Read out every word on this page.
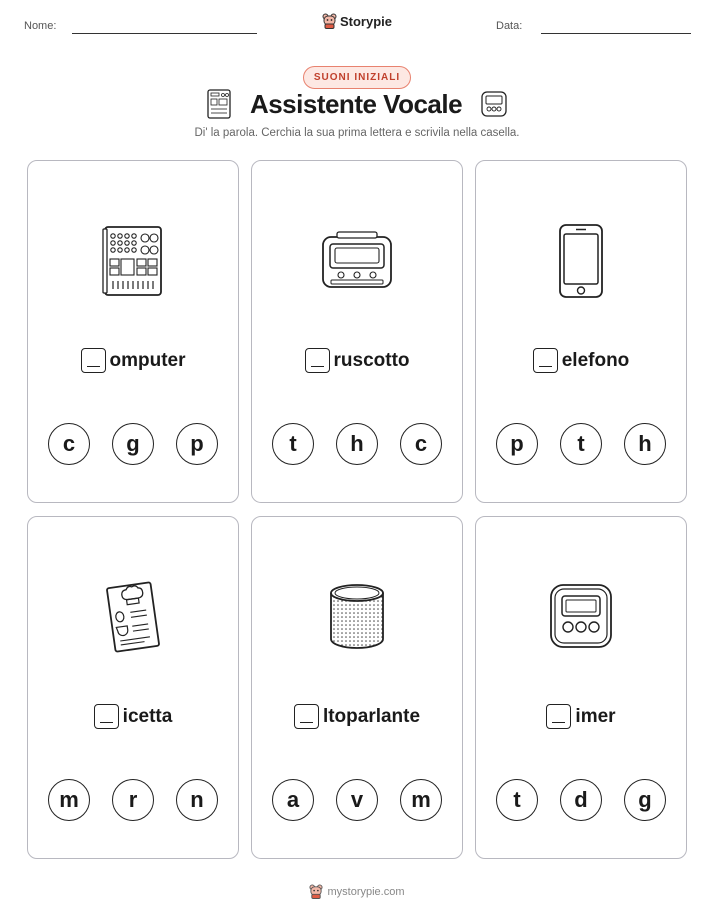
Nome:	Data:
Storypie
SUONI INIZIALI
Assistente Vocale
Di' la parola. Cerchia la sua prima lettera e scrivila nella casella.
omputer
c	g	p
ruscotto
t	h	c
elefono
p	t	h
icetta
m	r	n
ltoparlante
a	v	m
imer
t	d	g
mystorypie.com
